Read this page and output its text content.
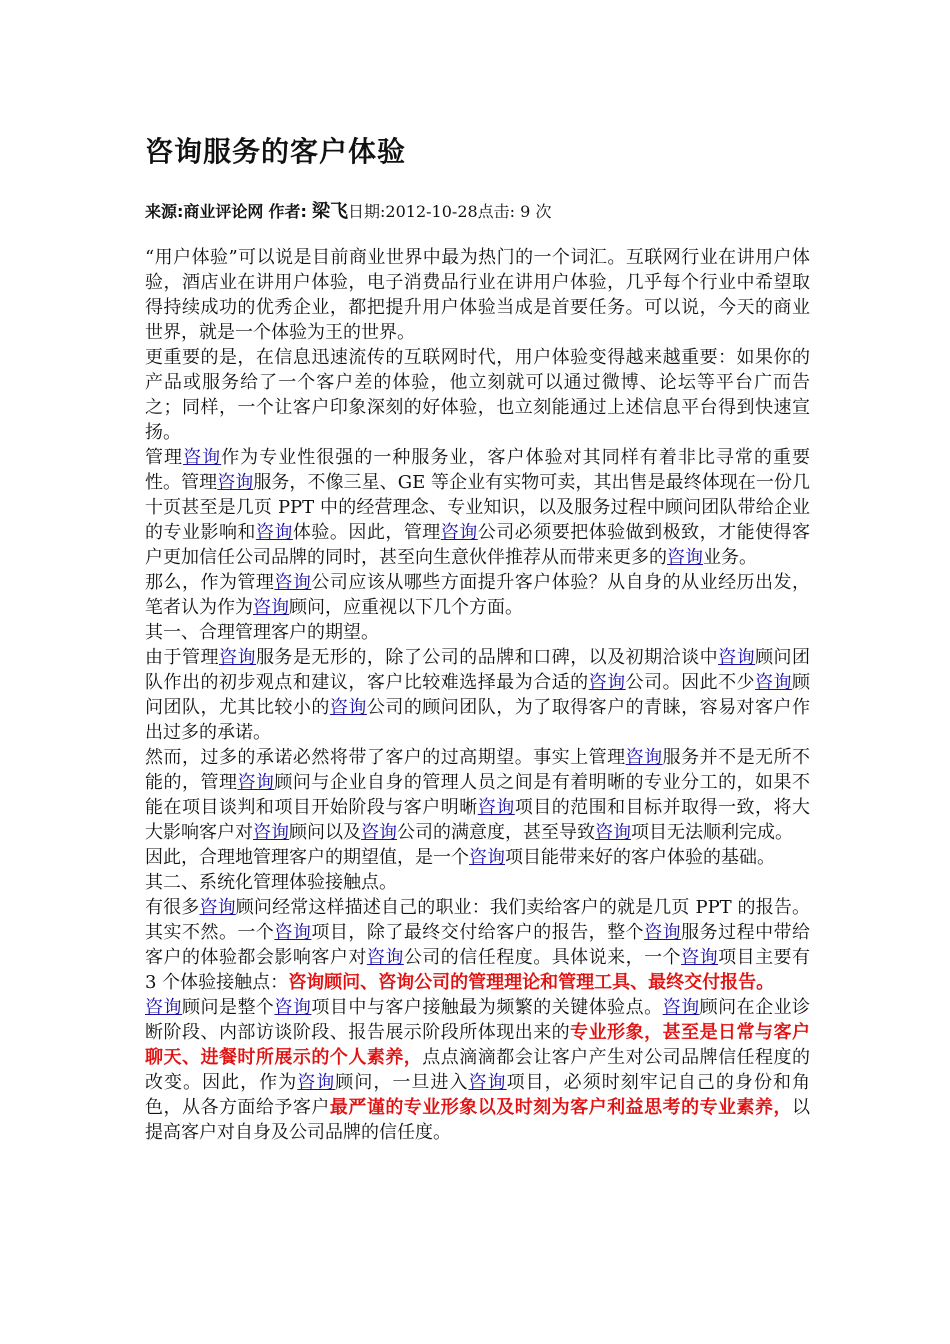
咨询服务的客户体验
来源:商业评论网 作者: 梁飞日期:2012-10-28点击: 9 次

“用户体验”可以说是目前商业世界中最为热门的一个词汇。互联网行业在讲用户体验，酒店业在讲用户体验，电子消费品行业在讲用户体验，几乎每个行业中希望取得持续成功的优秀企业，都把提升用户体验当成是首要任务。可以说，今天的商业世界，就是一个体验为王的世界。

更重要的是，在信息迅速流传的互联网时代，用户体验变得越来越重要：如果你的产品或服务给了一个客户差的体验，他立刻就可以通过微博、论坛等平台广而告之；同样，一个让客户印象深刻的好体验，也立刻能通过上述信息平台得到快速宣扬。

管理咨询作为专业性很强的一种服务业，客户体验对其同样有着非比寻常的重要性。管理咨询服务，不像三星、GE 等企业有实物可卖，其出售是最终体现在一份几十页甚至是几页 PPT 中的经营理念、专业知识，以及服务过程中顾问团队带给企业的专业影响和咨询体验。因此，管理咨询公司必须要把体验做到极致，才能使得客户更加信任公司品牌的同时，甚至向生意伙伴推荐从而带来更多的咨询业务。

那么，作为管理咨询公司应该从哪些方面提升客户体验？从自身的从业经历出发，笔者认为作为咨询顾问，应重视以下几个方面。

其一、合理管理客户的期望。

由于管理咨询服务是无形的，除了公司的品牌和口碑，以及初期洽谈中咨询顾问团队作出的初步观点和建议，客户比较难选择最为合适的咨询公司。因此不少咨询顾问团队，尤其比较小的咨询公司的顾问团队，为了取得客户的青睐，容易对客户作出过多的承诺。

然而，过多的承诺必然将带了客户的过高期望。事实上管理咨询服务并不是无所不能的，管理咨询顾问与企业自身的管理人员之间是有着明晰的专业分工的，如果不能在项目谈判和项目开始阶段与客户明晰咨询项目的范围和目标并取得一致，将大大影响客户对咨询顾问以及咨询公司的满意度，甚至导致咨询项目无法顺利完成。

因此，合理地管理客户的期望值，是一个咨询项目能带来好的客户体验的基础。

其二、系统化管理体验接触点。

有很多咨询顾问经常这样描述自己的职业：我们卖给客户的就是几页 PPT 的报告。其实不然。一个咨询项目，除了最终交付给客户的报告，整个咨询服务过程中带给客户的体验都会影响客户对咨询公司的信任程度。具体说来，一个咨询项目主要有 3 个体验接触点：咨询顾问、咨询公司的管理理论和管理工具、最终交付报告。

咨询顾问是整个咨询项目中与客户接触最为频繁的关键体验点。咨询顾问在企业诊断阶段、内部访谈阶段、报告展示阶段所体现出来的专业形象，甚至是日常与客户聊天、进餐时所展示的个人素养，点点滴滴都会让客户产生对公司品牌信任程度的改变。因此，作为咨询顾问，一旦进入咨询项目，必须时刻牢记自己的身份和角色，从各方面给予客户最严谨的专业形象以及时刻为客户利益思考的专业素养，以提高客户对自身及公司品牌的信任度。
